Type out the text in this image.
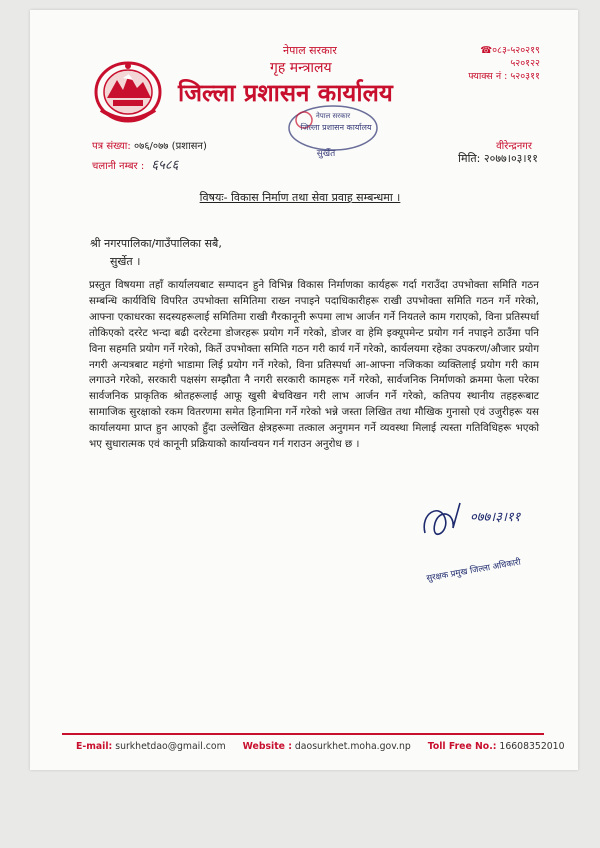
नेपाल सरकार
गृह मन्त्रालय
जिल्ला प्रशासन कार्यालय
☎०८३-५२०२१९
५२०१२२
फ्याक्स नं : ५२०३११
नेपाल सरकार
जिल्ला प्रशासन कार्यालय
सुर्खेत
पत्र संख्या: ०७६/०७७ (प्रशासन)
चलानी नम्बर : ६५८६
वीरेन्द्रनगर
मिति: २०७७।०३।११
विषयः- विकास निर्माण तथा सेवा प्रवाह सम्बन्धमा ।
श्री नगरपालिका/गाउँपालिका सबै,
सुर्खेत ।
प्रस्तुत विषयमा तहाँ कार्यालयबाट सम्पादन हुने विभिन्न विकास निर्माणका कार्यहरू गर्दा गराउँदा उपभोक्ता समिति गठन सम्बन्धि कार्यविधि विपरित उपभोक्ता समितिमा राख्न नपाइने पदाधिकारीहरू राखी उपभोक्ता समिति गठन गर्ने गरेको, आफ्ना एकाधरका सदस्यहरूलाई समितिमा राखी गैरकानूनी रूपमा लाभ आर्जन गर्ने नियतले काम गराएको, विना प्रतिस्पर्धा तोकिएको दररेट भन्दा बढी दररेटमा डोजरहरू प्रयोग गर्ने गरेको, डोजर वा हेमि इक्यूपमेन्ट प्रयोग गर्न नपाइने ठाउँमा पनि विना सहमति प्रयोग गर्ने गरेको, किर्ते उपभोक्ता समिति गठन गरी कार्य गर्ने गरेको, कार्यलयमा रहेका उपकरण/औजार प्रयोग नगरी अन्यत्रबाट महंगो भाडामा लिई प्रयोग गर्ने गरेको, विना प्रतिस्पर्धा आ-आफ्ना नजिकका व्यक्तिलाई प्रयोग गरी काम लगाउने गरेको, सरकारी पक्षसंग सम्झौता नै नगरी सरकारी कामहरू गर्ने गरेको, सार्वजनिक निर्माणको क्रममा फेला परेका सार्वजनिक प्राकृतिक श्रोतहरूलाई आफू खुसी बेचविखन गरी लाभ आर्जन गर्ने गरेको, कतिपय स्थानीय तहहरूबाट सामाजिक सुरक्षाको रकम वितरणमा समेत हिनामिना गर्ने गरेको भन्ने जस्ता लिखित तथा मौखिक गुनासो एवं उजुरीहरू यस कार्यालयमा प्राप्त हुन आएको हुँदा उल्लेखित क्षेत्रहरूमा तत्काल अनुगमन गर्ने व्यवस्था मिलाई त्यस्ता गतिविधिहरू भएको भए सुधारात्मक एवं कानूनी प्रक्रियाको कार्यान्वयन गर्न गराउन अनुरोध छ ।
०७७।३।११
सुरक्षक प्रमुख जिल्ला अधिकारी
E-mail: surkhetdao@gmail.com Website : daosurkhet.moha.gov.np Toll Free No.: 16608352010
